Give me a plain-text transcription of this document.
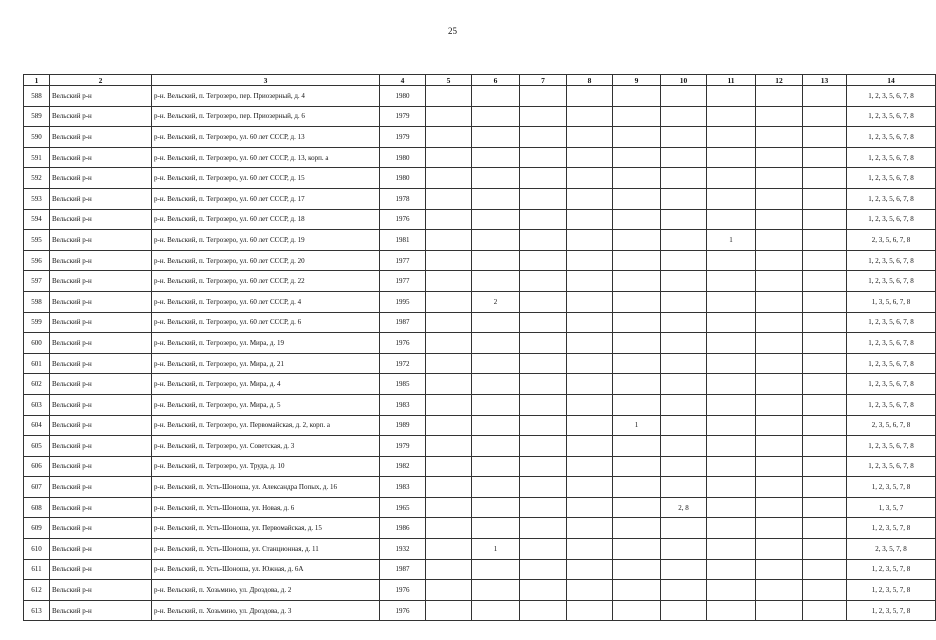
25
1	2	3	4	5	6	7	8	9	10	11	12	13	14
588	Вельский р-н	р-н. Вельский, п. Тегрозеро, пер. Приозерный, д. 4	1980										1, 2, 3, 5, 6, 7, 8
589	Вельский р-н	р-н. Вельский, п. Тегрозеро, пер. Приозерный, д. 6	1979										1, 2, 3, 5, 6, 7, 8
590	Вельский р-н	р-н. Вельский, п. Тегрозеро, ул. 60 лет СССР, д. 13	1979										1, 2, 3, 5, 6, 7, 8
591	Вельский р-н	р-н. Вельский, п. Тегрозеро, ул. 60 лет СССР, д. 13, корп. а	1980										1, 2, 3, 5, 6, 7, 8
592	Вельский р-н	р-н. Вельский, п. Тегрозеро, ул. 60 лет СССР, д. 15	1980										1, 2, 3, 5, 6, 7, 8
593	Вельский р-н	р-н. Вельский, п. Тегрозеро, ул. 60 лет СССР, д. 17	1978										1, 2, 3, 5, 6, 7, 8
594	Вельский р-н	р-н. Вельский, п. Тегрозеро, ул. 60 лет СССР, д. 18	1976										1, 2, 3, 5, 6, 7, 8
595	Вельский р-н	р-н. Вельский, п. Тегрозеро, ул. 60 лет СССР, д. 19	1981							1			2, 3, 5, 6, 7, 8
596	Вельский р-н	р-н. Вельский, п. Тегрозеро, ул. 60 лет СССР, д. 20	1977										1, 2, 3, 5, 6, 7, 8
597	Вельский р-н	р-н. Вельский, п. Тегрозеро, ул. 60 лет СССР, д. 22	1977										1, 2, 3, 5, 6, 7, 8
598	Вельский р-н	р-н. Вельский, п. Тегрозеро, ул. 60 лет СССР, д. 4	1995		2								1, 3, 5, 6, 7, 8
599	Вельский р-н	р-н. Вельский, п. Тегрозеро, ул. 60 лет СССР, д. 6	1987										1, 2, 3, 5, 6, 7, 8
600	Вельский р-н	р-н. Вельский, п. Тегрозеро, ул. Мира, д. 19	1976										1, 2, 3, 5, 6, 7, 8
601	Вельский р-н	р-н. Вельский, п. Тегрозеро, ул. Мира, д. 21	1972										1, 2, 3, 5, 6, 7, 8
602	Вельский р-н	р-н. Вельский, п. Тегрозеро, ул. Мира, д. 4	1985										1, 2, 3, 5, 6, 7, 8
603	Вельский р-н	р-н. Вельский, п. Тегрозеро, ул. Мира, д. 5	1983										1, 2, 3, 5, 6, 7, 8
604	Вельский р-н	р-н. Вельский, п. Тегрозеро, ул. Первомайская, д. 2, корп. а	1989					1					2, 3, 5, 6, 7, 8
605	Вельский р-н	р-н. Вельский, п. Тегрозеро, ул. Советская, д. 3	1979										1, 2, 3, 5, 6, 7, 8
606	Вельский р-н	р-н. Вельский, п. Тегрозеро, ул. Труда, д. 10	1982										1, 2, 3, 5, 6, 7, 8
607	Вельский р-н	р-н. Вельский, п. Усть-Шоноша, ул. Александра Попых, д. 16	1983										1, 2, 3, 5, 7, 8
608	Вельский р-н	р-н. Вельский, п. Усть-Шоноша, ул. Новая, д. 6	1965						2, 8				1, 3, 5, 7
609	Вельский р-н	р-н. Вельский, п. Усть-Шоноша, ул. Первомайская, д. 15	1986										1, 2, 3, 5, 7, 8
610	Вельский р-н	р-н. Вельский, п. Усть-Шоноша, ул. Станционная, д. 11	1932		1								2, 3, 5, 7, 8
611	Вельский р-н	р-н. Вельский, п. Усть-Шоноша, ул. Южная, д. 6А	1987										1, 2, 3, 5, 7, 8
612	Вельский р-н	р-н. Вельский, п. Хозьмино, ул. Дроздова, д. 2	1976										1, 2, 3, 5, 7, 8
613	Вельский р-н	р-н. Вельский, п. Хозьмино, ул. Дроздова, д. 3	1976										1, 2, 3, 5, 7, 8
